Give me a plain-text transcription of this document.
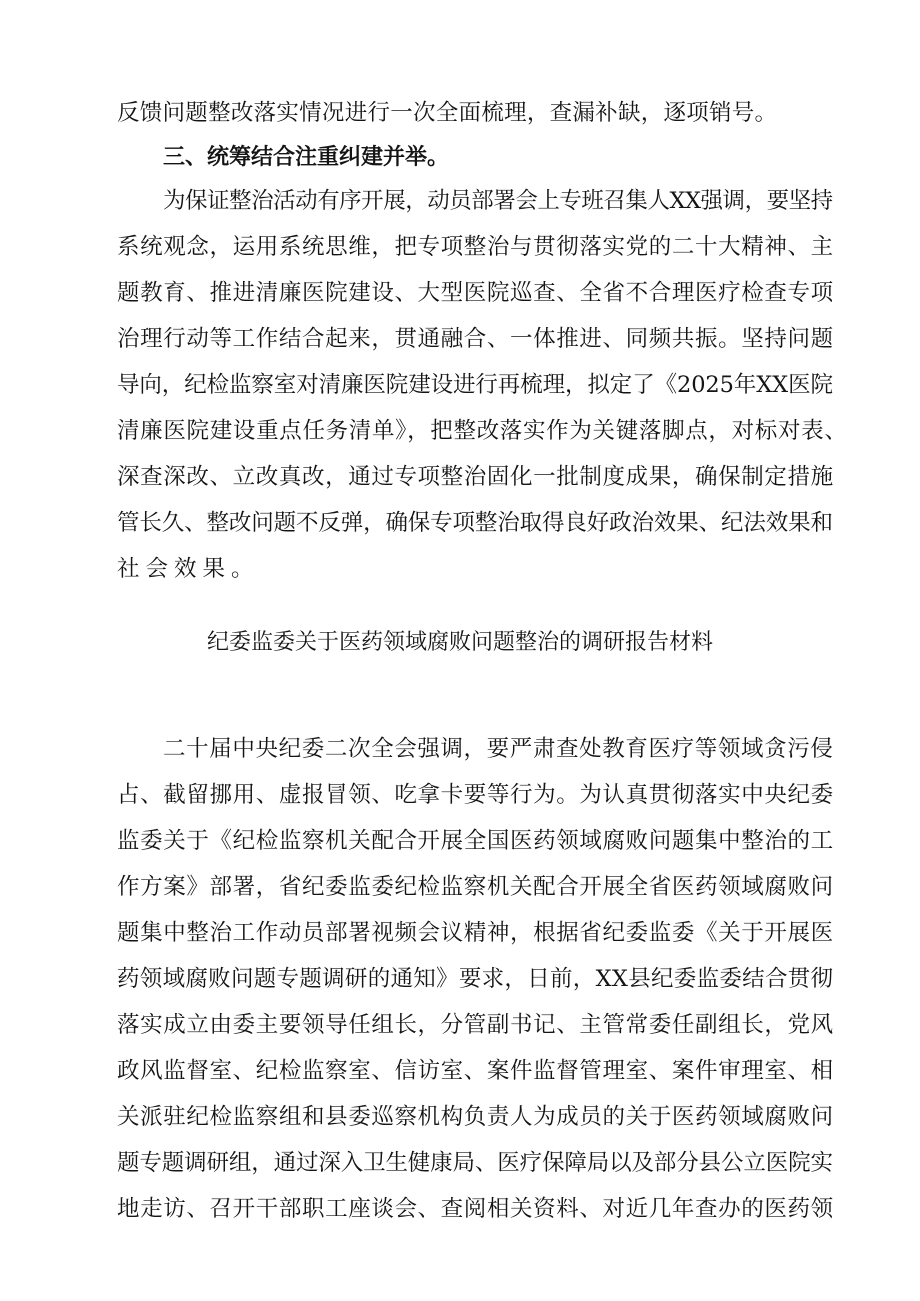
反馈问题整改落实情况进行一次全面梳理，查漏补缺，逐项销号。
三、统筹结合注重纠建并举。
为保证整治活动有序开展，动员部署会上专班召集人XX强调，要坚持
系统观念，运用系统思维，把专项整治与贯彻落实党的二十大精神、主
题教育、推进清廉医院建设、大型医院巡查、全省不合理医疗检查专项
治理行动等工作结合起来，贯通融合、一体推进、同频共振。坚持问题
导向，纪检监察室对清廉医院建设进行再梳理，拟定了《2025年XX医院
清廉医院建设重点任务清单》，把整改落实作为关键落脚点，对标对表、
深查深改、立改真改，通过专项整治固化一批制度成果，确保制定措施
管长久、整改问题不反弹，确保专项整治取得良好政治效果、纪法效果和
社会效果。
纪委监委关于医药领域腐败问题整治的调研报告材料
二十届中央纪委二次全会强调，要严肃查处教育医疗等领域贪污侵
占、截留挪用、虚报冒领、吃拿卡要等行为。为认真贯彻落实中央纪委
监委关于《纪检监察机关配合开展全国医药领域腐败问题集中整治的工
作方案》部署，省纪委监委纪检监察机关配合开展全省医药领域腐败问
题集中整治工作动员部署视频会议精神，根据省纪委监委《关于开展医
药领域腐败问题专题调研的通知》要求，日前，XX县纪委监委结合贯彻
落实成立由委主要领导任组长，分管副书记、主管常委任副组长，党风
政风监督室、纪检监察室、信访室、案件监督管理室、案件审理室、相
关派驻纪检监察组和县委巡察机构负责人为成员的关于医药领域腐败问
题专题调研组，通过深入卫生健康局、医疗保障局以及部分县公立医院实
地走访、召开干部职工座谈会、查阅相关资料、对近几年查办的医药领
